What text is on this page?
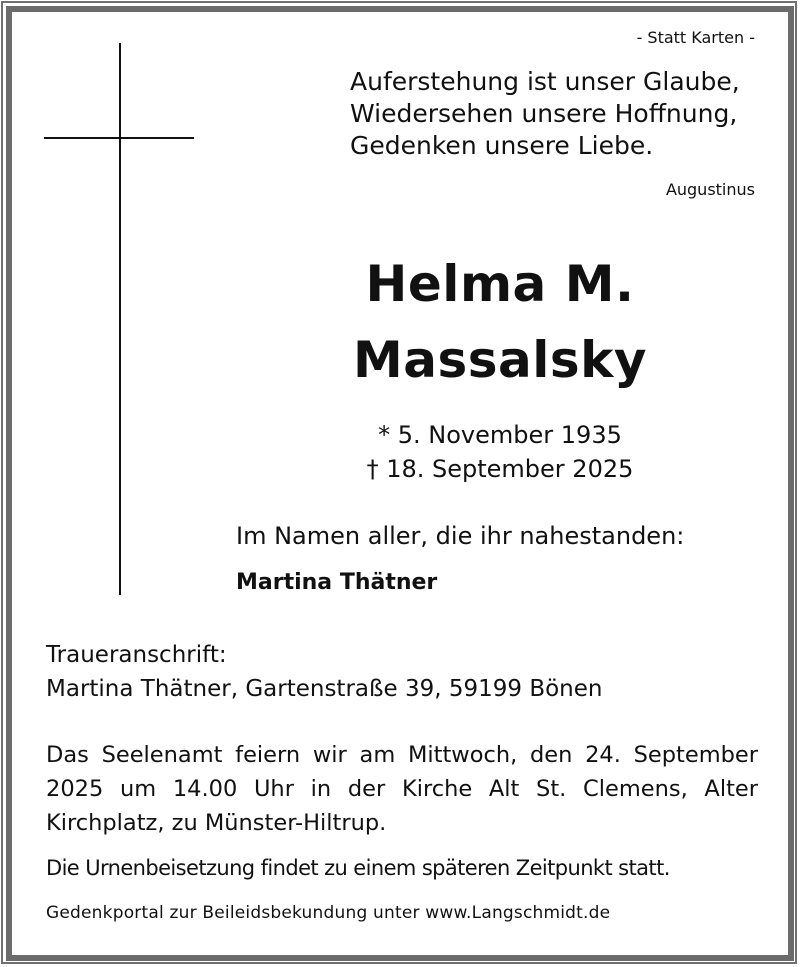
- Statt Karten -
Auferstehung ist unser Glaube,
Wiedersehen unsere Hoffnung,
Gedenken unsere Liebe.
Augustinus
Helma M.
Massalsky
* 5. November 1935
† 18. September 2025
Im Namen aller, die ihr nahestanden:
Martina Thätner
Traueranschrift:
Martina Thätner, Gartenstraße 39, 59199 Bönen
Das Seelenamt feiern wir am Mittwoch, den 24. September 2025 um 14.00 Uhr in der Kirche Alt St. Clemens, Alter Kirchplatz, zu Münster-Hiltrup.
Die Urnenbeisetzung findet zu einem späteren Zeitpunkt statt.
Gedenkportal zur Beileidsbekundung unter www.Langschmidt.de
